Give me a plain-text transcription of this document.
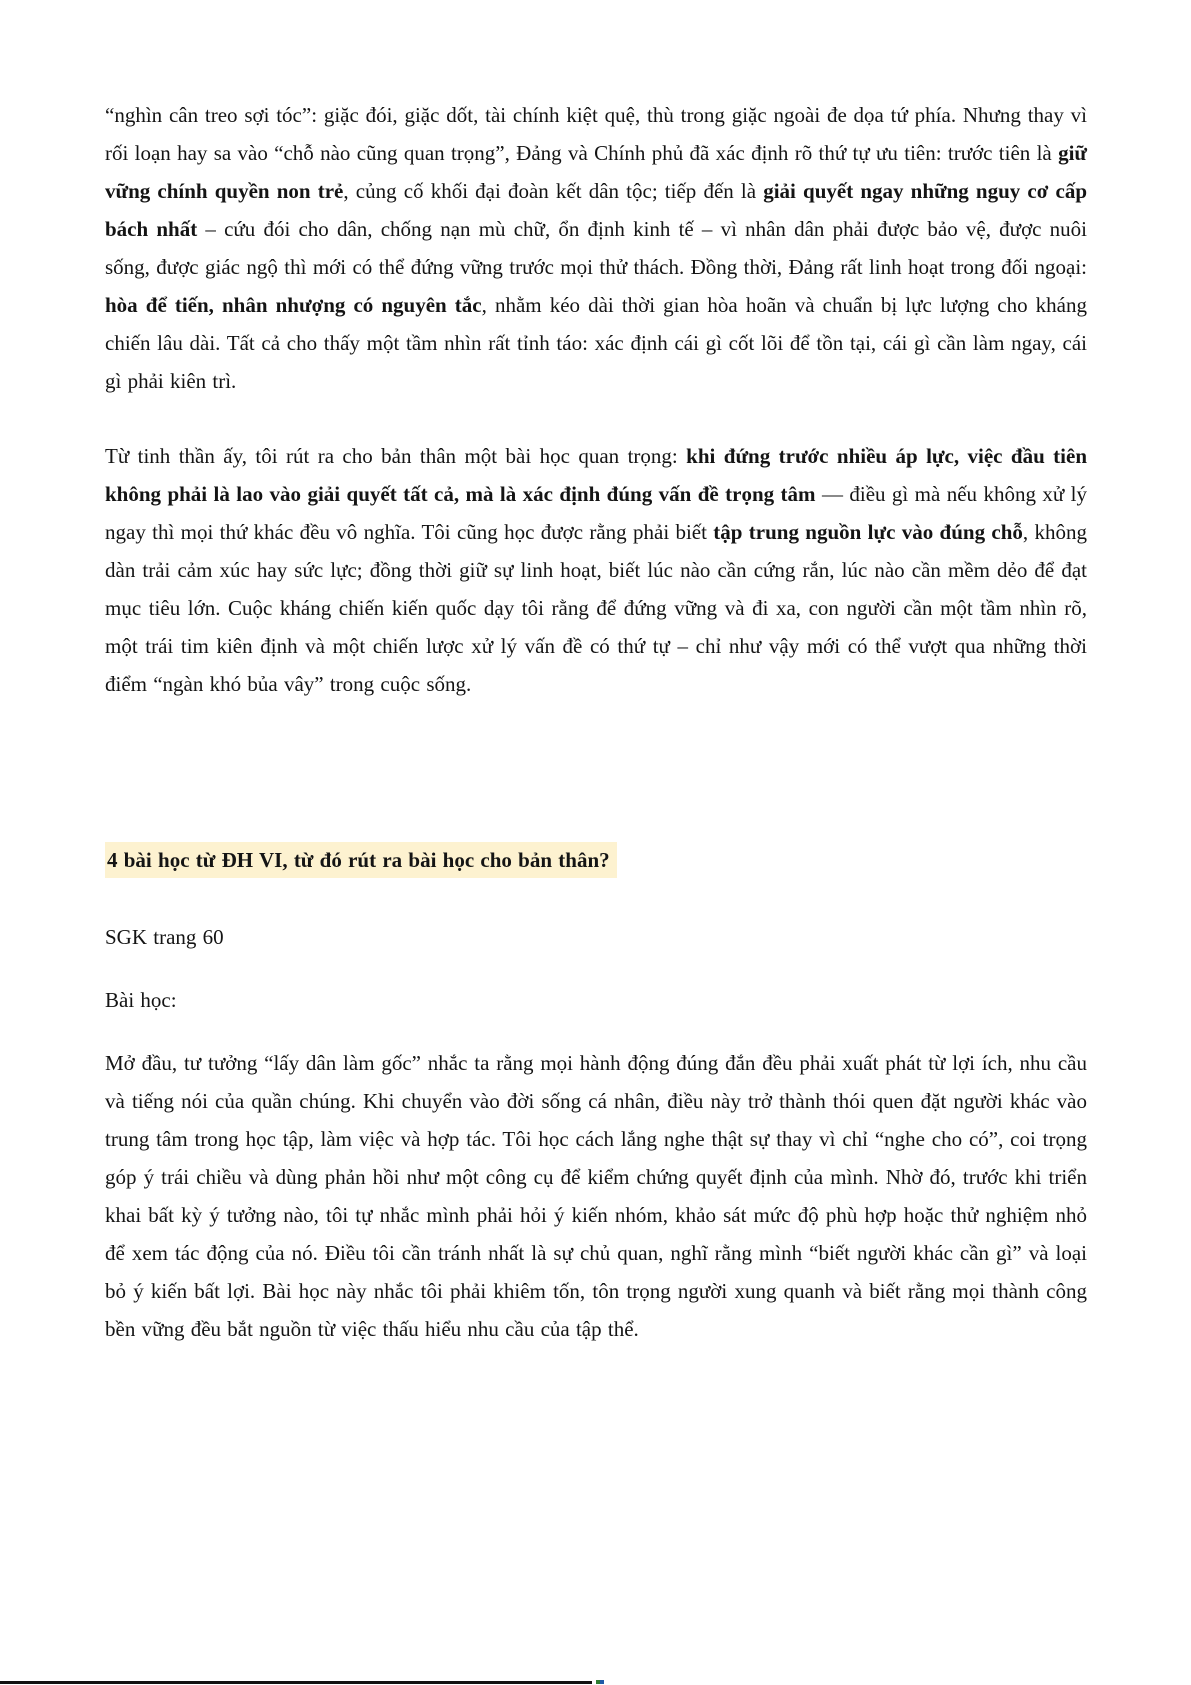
“nghìn cân treo sợi tóc”: giặc đói, giặc dốt, tài chính kiệt quệ, thù trong giặc ngoài đe dọa tứ phía. Nhưng thay vì rối loạn hay sa vào “chỗ nào cũng quan trọng”, Đảng và Chính phủ đã xác định rõ thứ tự ưu tiên: trước tiên là giữ vững chính quyền non trẻ, củng cố khối đại đoàn kết dân tộc; tiếp đến là giải quyết ngay những nguy cơ cấp bách nhất – cứu đói cho dân, chống nạn mù chữ, ổn định kinh tế – vì nhân dân phải được bảo vệ, được nuôi sống, được giác ngộ thì mới có thể đứng vững trước mọi thử thách. Đồng thời, Đảng rất linh hoạt trong đối ngoại: hòa để tiến, nhân nhượng có nguyên tắc, nhằm kéo dài thời gian hòa hoãn và chuẩn bị lực lượng cho kháng chiến lâu dài. Tất cả cho thấy một tầm nhìn rất tỉnh táo: xác định cái gì cốt lõi để tồn tại, cái gì cần làm ngay, cái gì phải kiên trì.

Từ tinh thần ấy, tôi rút ra cho bản thân một bài học quan trọng: khi đứng trước nhiều áp lực, việc đầu tiên không phải là lao vào giải quyết tất cả, mà là xác định đúng vấn đề trọng tâm — điều gì mà nếu không xử lý ngay thì mọi thứ khác đều vô nghĩa. Tôi cũng học được rằng phải biết tập trung nguồn lực vào đúng chỗ, không dàn trải cảm xúc hay sức lực; đồng thời giữ sự linh hoạt, biết lúc nào cần cứng rắn, lúc nào cần mềm dẻo để đạt mục tiêu lớn. Cuộc kháng chiến kiến quốc dạy tôi rằng để đứng vững và đi xa, con người cần một tầm nhìn rõ, một trái tim kiên định và một chiến lược xử lý vấn đề có thứ tự – chỉ như vậy mới có thể vượt qua những thời điểm “ngàn khó bủa vây” trong cuộc sống.

4 bài học từ ĐH VI, từ đó rút ra bài học cho bản thân?

SGK trang 60

Bài học:

Mở đầu, tư tưởng “lấy dân làm gốc” nhắc ta rằng mọi hành động đúng đắn đều phải xuất phát từ lợi ích, nhu cầu và tiếng nói của quần chúng. Khi chuyển vào đời sống cá nhân, điều này trở thành thói quen đặt người khác vào trung tâm trong học tập, làm việc và hợp tác. Tôi học cách lắng nghe thật sự thay vì chỉ “nghe cho có”, coi trọng góp ý trái chiều và dùng phản hồi như một công cụ để kiểm chứng quyết định của mình. Nhờ đó, trước khi triển khai bất kỳ ý tưởng nào, tôi tự nhắc mình phải hỏi ý kiến nhóm, khảo sát mức độ phù hợp hoặc thử nghiệm nhỏ để xem tác động của nó. Điều tôi cần tránh nhất là sự chủ quan, nghĩ rằng mình “biết người khác cần gì” và loại bỏ ý kiến bất lợi. Bài học này nhắc tôi phải khiêm tốn, tôn trọng người xung quanh và biết rằng mọi thành công bền vững đều bắt nguồn từ việc thấu hiểu nhu cầu của tập thể.
